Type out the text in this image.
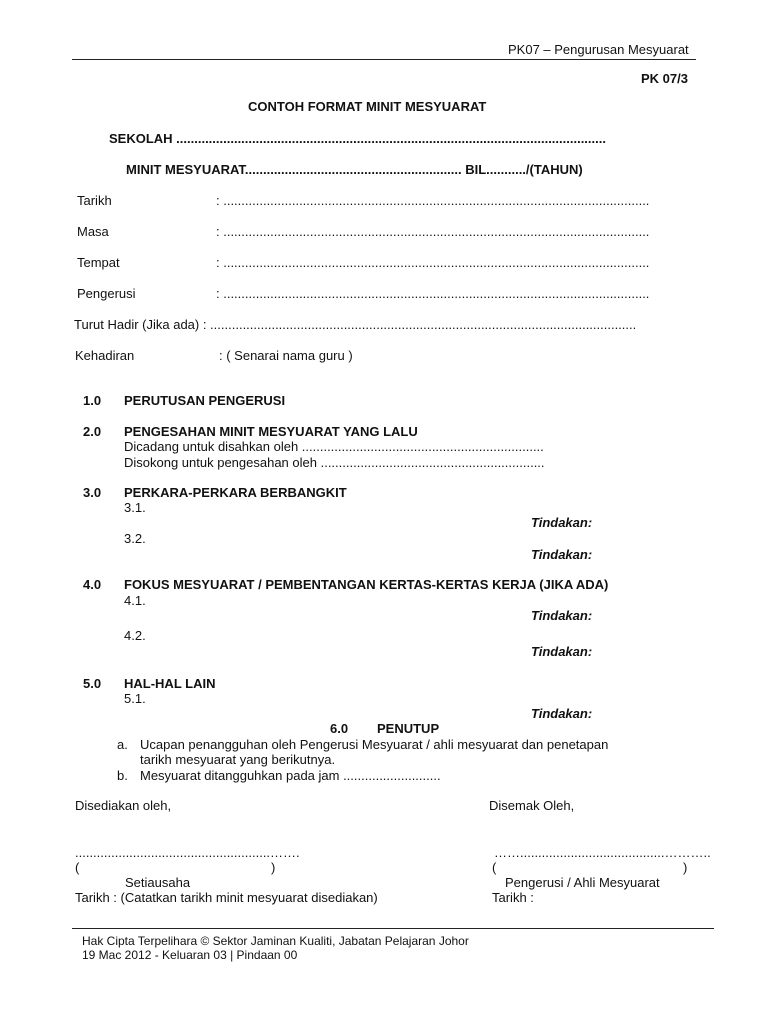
PK07 – Pengurusan Mesyuarat
PK 07/3
CONTOH FORMAT MINIT MESYUARAT
SEKOLAH .......................................................................................................................
MINIT MESYUARAT............................................................ BIL.........../(TAHUN)
Tarikh	: ......................................................................................................................
Masa	: ......................................................................................................................
Tempat	: ......................................................................................................................
Pengerusi	: ......................................................................................................................
Turut Hadir (Jika ada) : ......................................................................................................................
Kehadiran	: ( Senarai nama guru )
1.0 PERUTUSAN PENGERUSI
2.0 PENGESAHAN MINIT MESYUARAT YANG LALU
Dicadang untuk disahkan oleh ...................................................................
Disokong untuk pengesahan oleh ..............................................................
3.0 PERKARA-PERKARA BERBANGKIT
3.1.
Tindakan:
3.2.
Tindakan:
4.0 FOKUS MESYUARAT / PEMBENTANGAN KERTAS-KERTAS KERJA (JIKA ADA)
4.1.
Tindakan:
4.2.
Tindakan:
5.0 HAL-HAL LAIN
5.1.
Tindakan:
6.0 PENUTUP
a. Ucapan penangguhan oleh Pengerusi Mesyuarat / ahli mesyuarat dan penetapan
tarikh mesyuarat yang berikutnya.
b. Mesyuarat ditangguhkan pada jam ...........................
Disediakan oleh,	Disemak Oleh,
......................................................…….	……........................................………..
(	)	(	)
Setiausaha	Pengerusi / Ahli Mesyuarat
Tarikh : (Catatkan tarikh minit mesyuarat disediakan)	Tarikh :
Hak Cipta Terpelihara © Sektor Jaminan Kualiti, Jabatan Pelajaran Johor
19 Mac 2012 - Keluaran 03 | Pindaan 00
